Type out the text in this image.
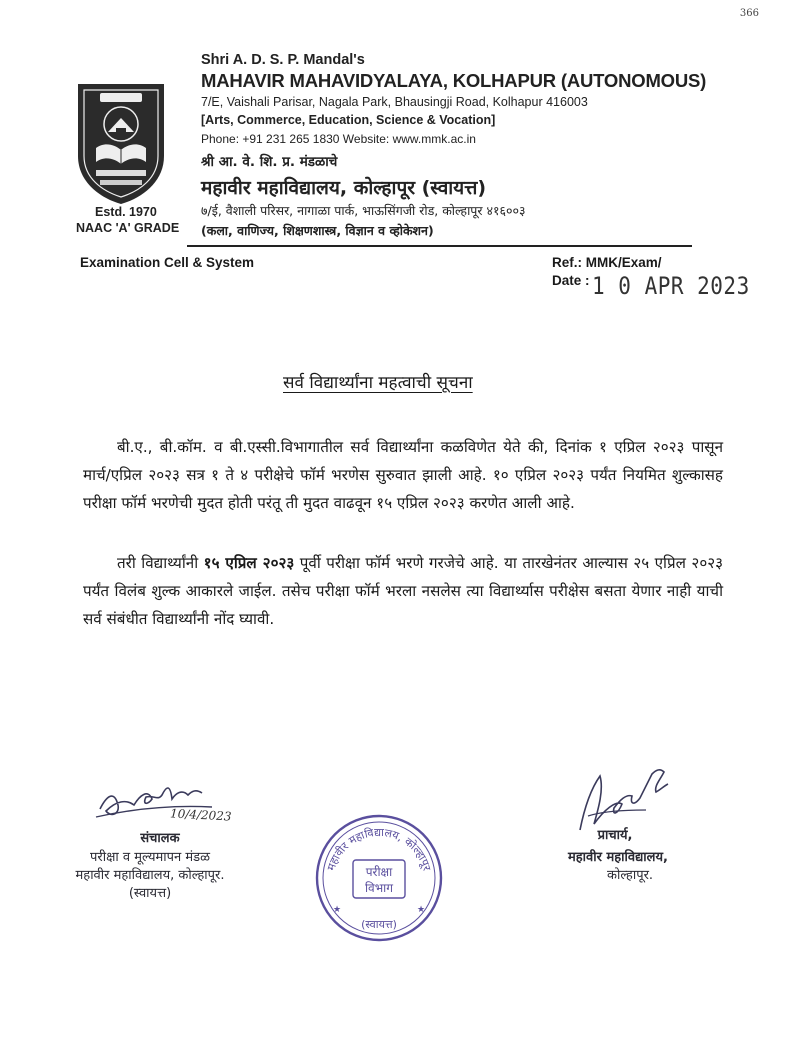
366
Estd. 1970
NAAC 'A' GRADE
Shri A. D. S. P. Mandal's
MAHAVIR MAHAVIDYALAYA, KOLHAPUR (AUTONOMOUS)
7/E, Vaishali Parisar, Nagala Park, Bhausingji Road, Kolhapur 416003
[Arts, Commerce, Education, Science & Vocation]
Phone: +91 231 265 1830 Website: www.mmk.ac.in
श्री आ. वे. शि. प्र. मंडळाचे
महावीर महाविद्यालय, कोल्हापूर (स्वायत्त)
७/ई, वैशाली परिसर, नागाळा पार्क, भाऊसिंगजी रोड, कोल्हापूर ४१६००३
(कला, वाणिज्य, शिक्षणशास्त्र, विज्ञान व व्होकेशन)
Examination Cell & System	Ref.: MMK/Exam/
Date : 1 0 APR 2023
सर्व विद्यार्थ्यांना महत्वाची सूचना
बी.ए., बी.कॉम. व बी.एस्सी.विभागातील सर्व विद्यार्थ्यांना कळविणेत येते की, दिनांक १ एप्रिल २०२३ पासून मार्च/एप्रिल २०२३ सत्र १ ते ४ परीक्षेचे फॉर्म भरणेस सुरुवात झाली आहे. १० एप्रिल २०२३ पर्यंत नियमित शुल्कासह परीक्षा फॉर्म भरणेची मुदत होती परंतू ती मुदत वाढवून १५ एप्रिल २०२३ करणेत आली आहे.
तरी विद्यार्थ्यांनी १५ एप्रिल २०२३ पूर्वी परीक्षा फॉर्म भरणे गरजेचे आहे. या तारखेनंतर आल्यास २५ एप्रिल २०२३ पर्यंत विलंब शुल्क आकारले जाईल. तसेच परीक्षा फॉर्म भरला नसलेस त्या विद्यार्थ्यास परीक्षेस बसता येणार नाही याची सर्व संबंधीत विद्यार्थ्यांनी नोंद घ्यावी.
10/4/2023
संचालक
परीक्षा व मूल्यमापन मंडळ
महावीर महाविद्यालय, कोल्हापूर.
(स्वायत्त)
प्राचार्य,
महावीर महाविद्यालय,
कोल्हापूर.
महावीर महाविद्यालय, कोल्हापूर
परीक्षा
विभाग
★	★
(स्वायत्त)
